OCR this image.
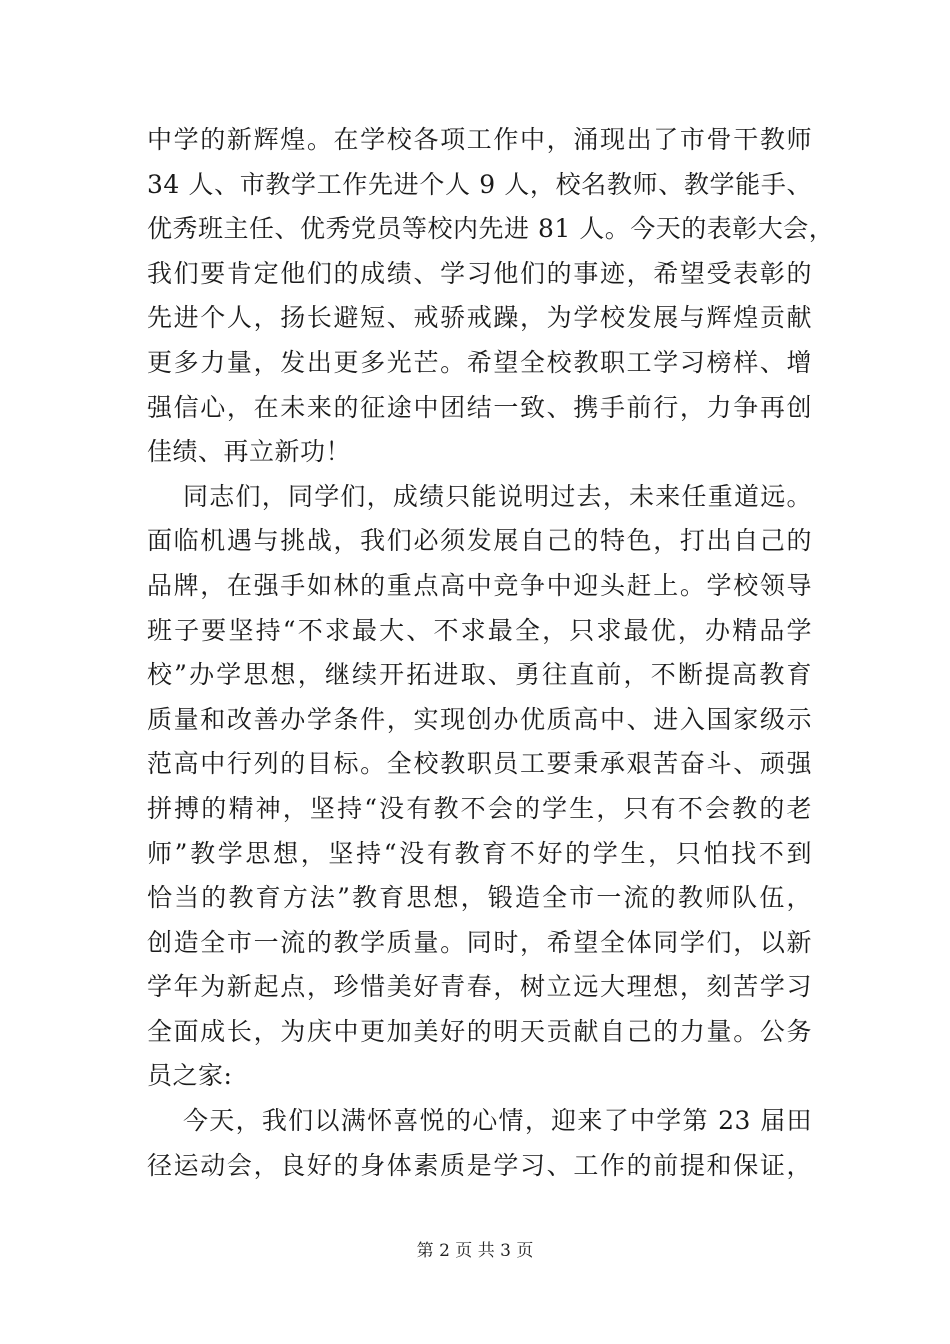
中学的新辉煌。在学校各项工作中，涌现出了市骨干教师
34 人、市教学工作先进个人 9 人，校名教师、教学能手、
优秀班主任、优秀党员等校内先进 81 人。今天的表彰大会，
我们要肯定他们的成绩、学习他们的事迹，希望受表彰的
先进个人，扬长避短、戒骄戒躁，为学校发展与辉煌贡献
更多力量，发出更多光芒。希望全校教职工学习榜样、增
强信心，在未来的征途中团结一致、携手前行，力争再创
佳绩、再立新功！
同志们，同学们，成绩只能说明过去，未来任重道远。
面临机遇与挑战，我们必须发展自己的特色，打出自己的
品牌，在强手如林的重点高中竞争中迎头赶上。学校领导
班子要坚持“不求最大、不求最全，只求最优，办精品学
校”办学思想，继续开拓进取、勇往直前，不断提高教育
质量和改善办学条件，实现创办优质高中、进入国家级示
范高中行列的目标。全校教职员工要秉承艰苦奋斗、顽强
拼搏的精神，坚持“没有教不会的学生，只有不会教的老
师”教学思想，坚持“没有教育不好的学生，只怕找不到
恰当的教育方法”教育思想，锻造全市一流的教师队伍，
创造全市一流的教学质量。同时，希望全体同学们，以新
学年为新起点，珍惜美好青春，树立远大理想，刻苦学习
全面成长，为庆中更加美好的明天贡献自己的力量。公务
员之家:
今天，我们以满怀喜悦的心情，迎来了中学第 23 届田
径运动会，良好的身体素质是学习、工作的前提和保证，
第 2 页 共 3 页
